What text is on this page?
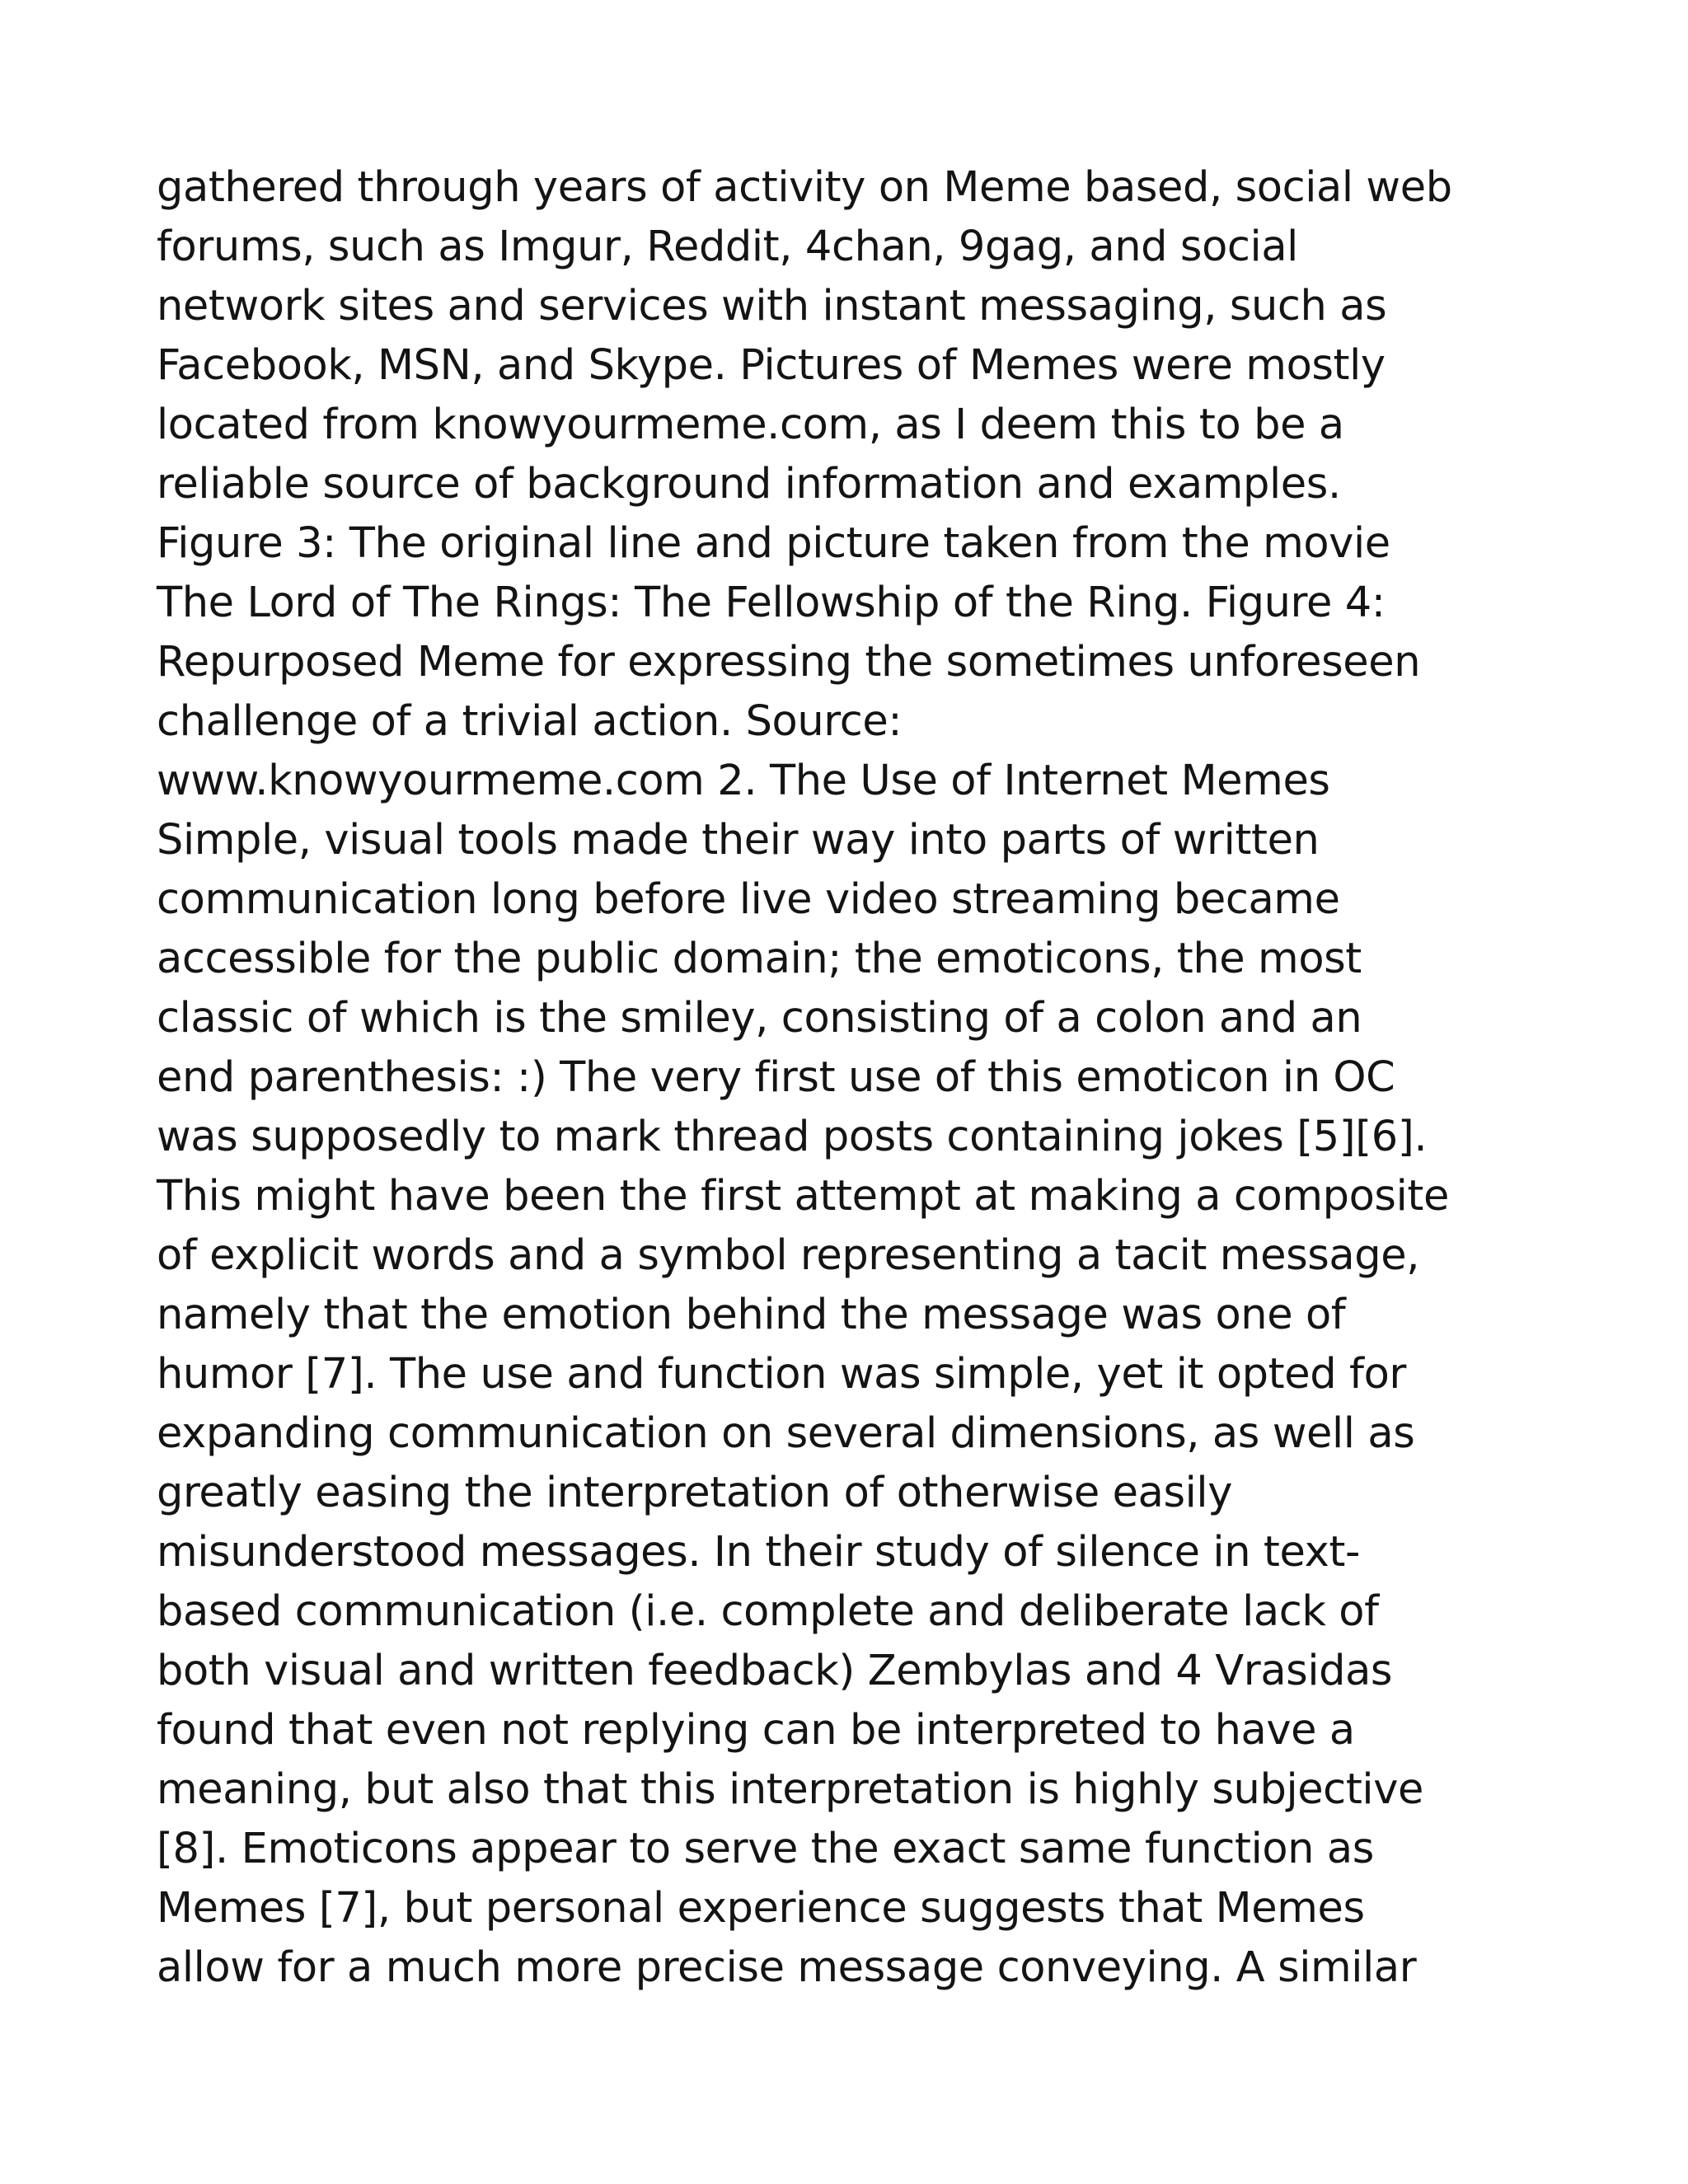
gathered through years of activity on Meme based, social web
forums, such as Imgur, Reddit, 4chan, 9gag, and social
network sites and services with instant messaging, such as
Facebook, MSN, and Skype. Pictures of Memes were mostly
located from knowyourmeme.com, as I deem this to be a
reliable source of background information and examples.
Figure 3: The original line and picture taken from the movie
The Lord of The Rings: The Fellowship of the Ring. Figure 4:
Repurposed Meme for expressing the sometimes unforeseen
challenge of a trivial action. Source:
www.knowyourmeme.com 2. The Use of Internet Memes
Simple, visual tools made their way into parts of written
communication long before live video streaming became
accessible for the public domain; the emoticons, the most
classic of which is the smiley, consisting of a colon and an
end parenthesis: :) The very first use of this emoticon in OC
was supposedly to mark thread posts containing jokes [5][6].
This might have been the first attempt at making a composite
of explicit words and a symbol representing a tacit message,
namely that the emotion behind the message was one of
humor [7]. The use and function was simple, yet it opted for
expanding communication on several dimensions, as well as
greatly easing the interpretation of otherwise easily
misunderstood messages. In their study of silence in text-
based communication (i.e. complete and deliberate lack of
both visual and written feedback) Zembylas and 4 Vrasidas
found that even not replying can be interpreted to have a
meaning, but also that this interpretation is highly subjective
[8]. Emoticons appear to serve the exact same function as
Memes [7], but personal experience suggests that Memes
allow for a much more precise message conveying. A similar
